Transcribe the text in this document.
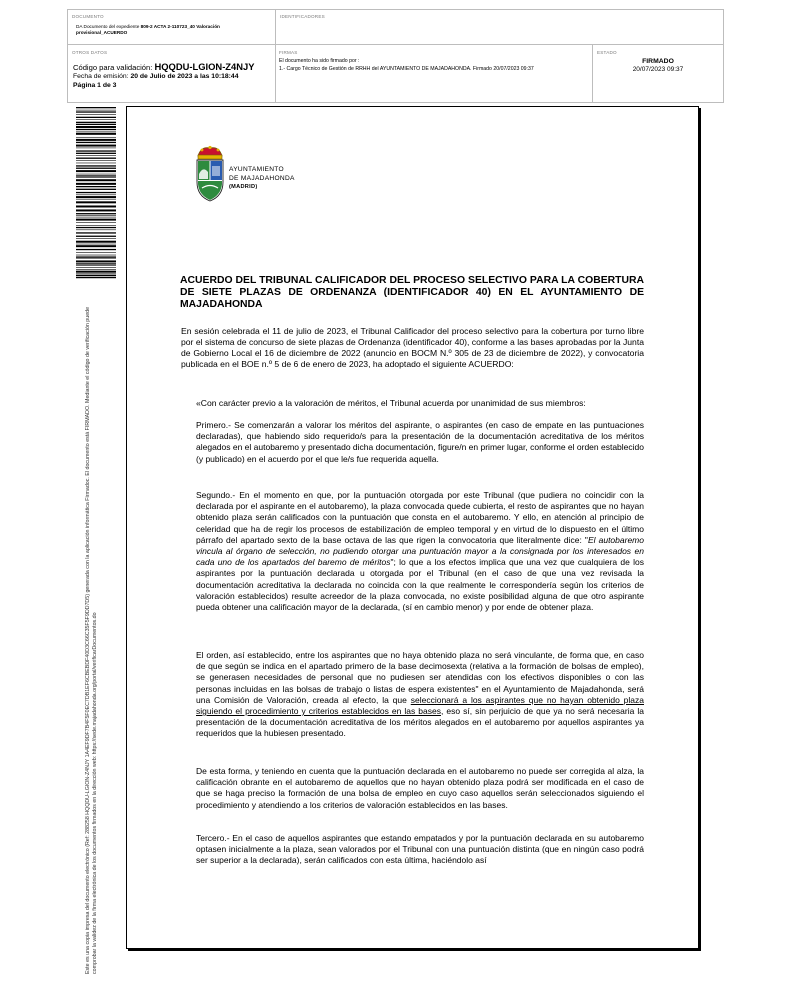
DOCUMENTO
DA Documento del expediente 809-2 ACTA 2-110723_40 Valoración provisional_ACUERDO
IDENTIFICADORES
OTROS DATOS
Código para validación: HQQDU-LGION-Z4NJY
Fecha de emisión: 20 de Julio de 2023 a las 10:18:44
Página 1 de 3
FIRMAS
El documento ha sido firmado por :
1.- Cargo Técnico de Gestión de RRHH del AYUNTAMIENTO DE MAJADAHONDA. Firmado 20/07/2023 09:37
ESTADO
FIRMADO
20/07/2023 09:37
Este es una copia impresa del documento electrónico (Ref: 288258 HQQDU-LGION-Z4NJY 1A4EF9DF7B4F5F0EC7DB1EF6CBEBDF40D3C66C35F5F9DD7D5) generada con la aplicación informática Firmadoc. El documento está FIRMADO. Mediante el código de verificación puede comprobar la validez de la firma electrónica de los documentos firmados en la dirección web: https://sede.majadahonda.org/portal/verificarDocumentos.do
AYUNTAMIENTO
DE MAJADAHONDA
(MADRID)
ACUERDO DEL TRIBUNAL CALIFICADOR DEL PROCESO SELECTIVO PARA LA COBERTURA DE SIETE PLAZAS DE ORDENANZA (IDENTIFICADOR 40) EN EL AYUNTAMIENTO DE MAJADAHONDA
En sesión celebrada el 11 de julio de 2023, el Tribunal Calificador del proceso selectivo para la cobertura por turno libre por el sistema de concurso de siete plazas de Ordenanza (identificador 40), conforme a las bases aprobadas por la Junta de Gobierno Local el 16 de diciembre de 2022 (anuncio en BOCM N.º 305 de 23 de diciembre de 2022), y convocatoria publicada en el BOE n.º 5 de 6 de enero de 2023, ha adoptado el siguiente ACUERDO:
«Con carácter previo a la valoración de méritos, el Tribunal acuerda por unanimidad de sus miembros:
Primero.- Se comenzarán a valorar los méritos del aspirante, o aspirantes (en caso de empate en las puntuaciones declaradas), que habiendo sido requerido/s para la presentación de la documentación acreditativa de los méritos alegados en el autobaremo y presentado dicha documentación, figure/n en primer lugar, conforme el orden establecido (y publicado) en el acuerdo por el que le/s fue requerida aquella.
Segundo.- En el momento en que, por la puntuación otorgada por este Tribunal (que pudiera no coincidir con la declarada por el aspirante en el autobaremo), la plaza convocada quede cubierta, el resto de aspirantes que no hayan obtenido plaza serán calificados con la puntuación que consta en el autobaremo. Y ello, en atención al principio de celeridad que ha de regir los procesos de estabilización de empleo temporal y en virtud de lo dispuesto en el último párrafo del apartado sexto de la base octava de las que rigen la convocatoria que literalmente dice: "El autobaremo vincula al órgano de selección, no pudiendo otorgar una puntuación mayor a la consignada por los interesados en cada uno de los apartados del baremo de méritos"; lo que a los efectos implica que una vez que cualquiera de los aspirantes por la puntuación declarada u otorgada por el Tribunal (en el caso de que una vez revisada la documentación acreditativa la declarada no coincida con la que realmente le correspondería según los criterios de valoración establecidos) resulte acreedor de la plaza convocada, no existe posibilidad alguna de que otro aspirante pueda obtener una calificación mayor de la declarada, (sí en cambio menor) y por ende de obtener plaza.
El orden, así establecido, entre los aspirantes que no haya obtenido plaza no será vinculante, de forma que, en caso de que según se indica en el apartado primero de la base decimosexta (relativa a la formación de bolsas de empleo), se generasen necesidades de personal que no pudiesen ser atendidas con los efectivos disponibles o con las personas incluidas en las bolsas de trabajo o listas de espera existentes" en el Ayuntamiento de Majadahonda, será una Comisión de Valoración, creada al efecto, la que seleccionará a los aspirantes que no hayan obtenido plaza siguiendo el procedimiento y criterios establecidos en las bases, eso sí, sin perjuicio de que ya no será necesaria la presentación de la documentación acreditativa de los méritos alegados en el autobaremo por aquellos aspirantes ya requeridos que la hubiesen presentado.
De esta forma, y teniendo en cuenta que la puntuación declarada en el autobaremo no puede ser corregida al alza, la calificación obrante en el autobaremo de aquellos que no hayan obtenido plaza podrá ser modificada en el caso de que se haga preciso la formación de una bolsa de empleo en cuyo caso aquellos serán seleccionados siguiendo el procedimiento y atendiendo a los criterios de valoración establecidos en las bases.
Tercero.- En el caso de aquellos aspirantes que estando empatados y por la puntuación declarada en su autobaremo optasen inicialmente a la plaza, sean valorados por el Tribunal con una puntuación distinta (que en ningún caso podrá ser superior a la declarada), serán calificados con esta última, haciéndolo así
